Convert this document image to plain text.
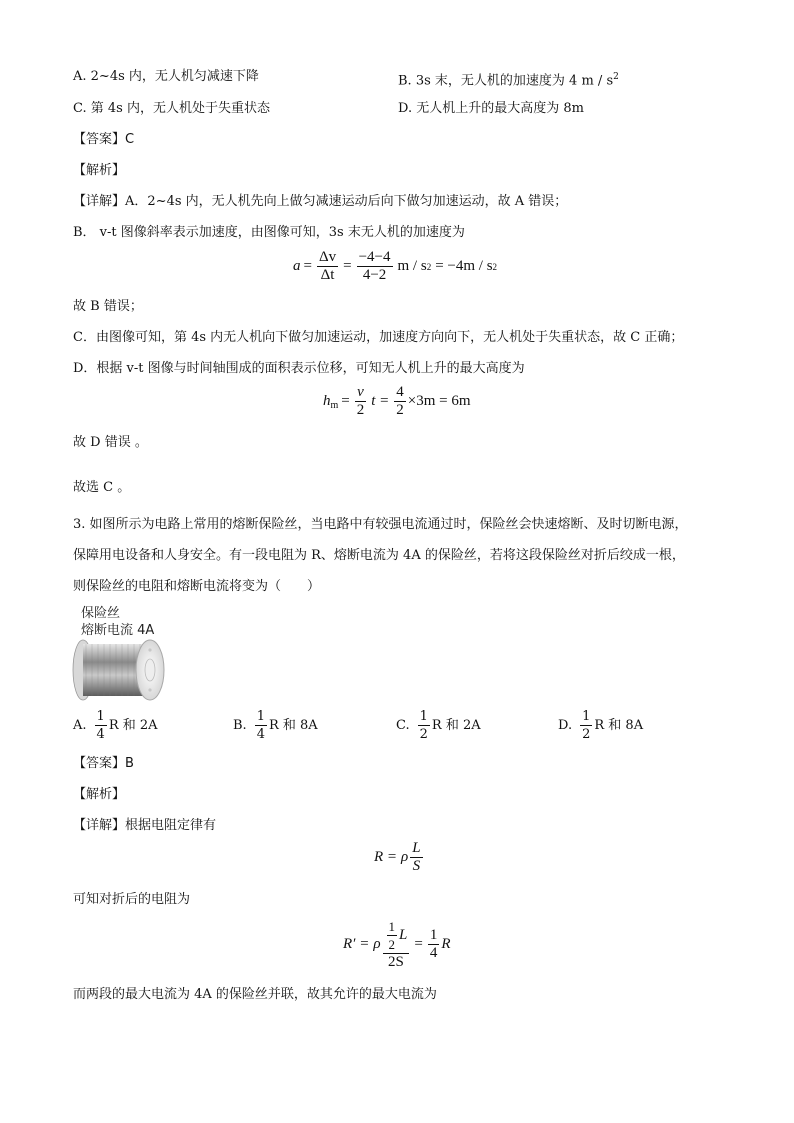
A. 2~4s 内，无人机匀减速下降	B. 3s 末，无人机的加速度为 4 m / $s^2$
C. 第 4s 内，无人机处于失重状态	D. 无人机上升的最大高度为 8m
【答案】C
【解析】
【详解】A．2~4s 内，无人机先向上做匀减速运动后向下做匀加速运动，故 A 错误；
B． v-t 图像斜率表示加速度，由图像可知，3s 末无人机的加速度为
$a = \frac{\Delta v}{\Delta t} = \frac{-4-4}{4-2}$ m / s 2 = −4m / s 2
故 B 错误；
C．由图像可知，第 4s 内无人机向下做匀加速运动，加速度方向向下，无人机处于失重状态，故 C 正确；
D．根据 v-t 图像与时间轴围成的面积表示位移，可知无人机上升的最大高度为
h $m = \frac{v}{2}$ $t = \frac{4}{2} \times 3m = 6m$
故 D 错误 。
故选 C 。
3. 如图所示为电路上常用的熔断保险丝，当电路中有较强电流通过时，保险丝会快速熔断、及时切断电源，
保障用电设备和人身安全。有一段电阻为 R、熔断电流为 4A 的保险丝，若将这段保险丝对折后绞成一根，
则保险丝的电阻和熔断电流将变为（　　）
保险丝
熔断电流 4A
A. $\frac{1}{4}$ R 和 2A	B. $\frac{1}{4}$ R 和 8A	C. $\frac{1}{2}$ R 和 2A	D. $\frac{1}{2}$ R 和 8A
【答案】B
【解析】
【详解】根据电阻定律有
R = ρ $\frac{L}{S}$
可知对折后的电阻为
R′ = ρ $\frac{\frac{1}{2} L}{2S} = \frac{1}{4}$ R
而两段的最大电流为 4A 的保险丝并联，故其允许的最大电流为
